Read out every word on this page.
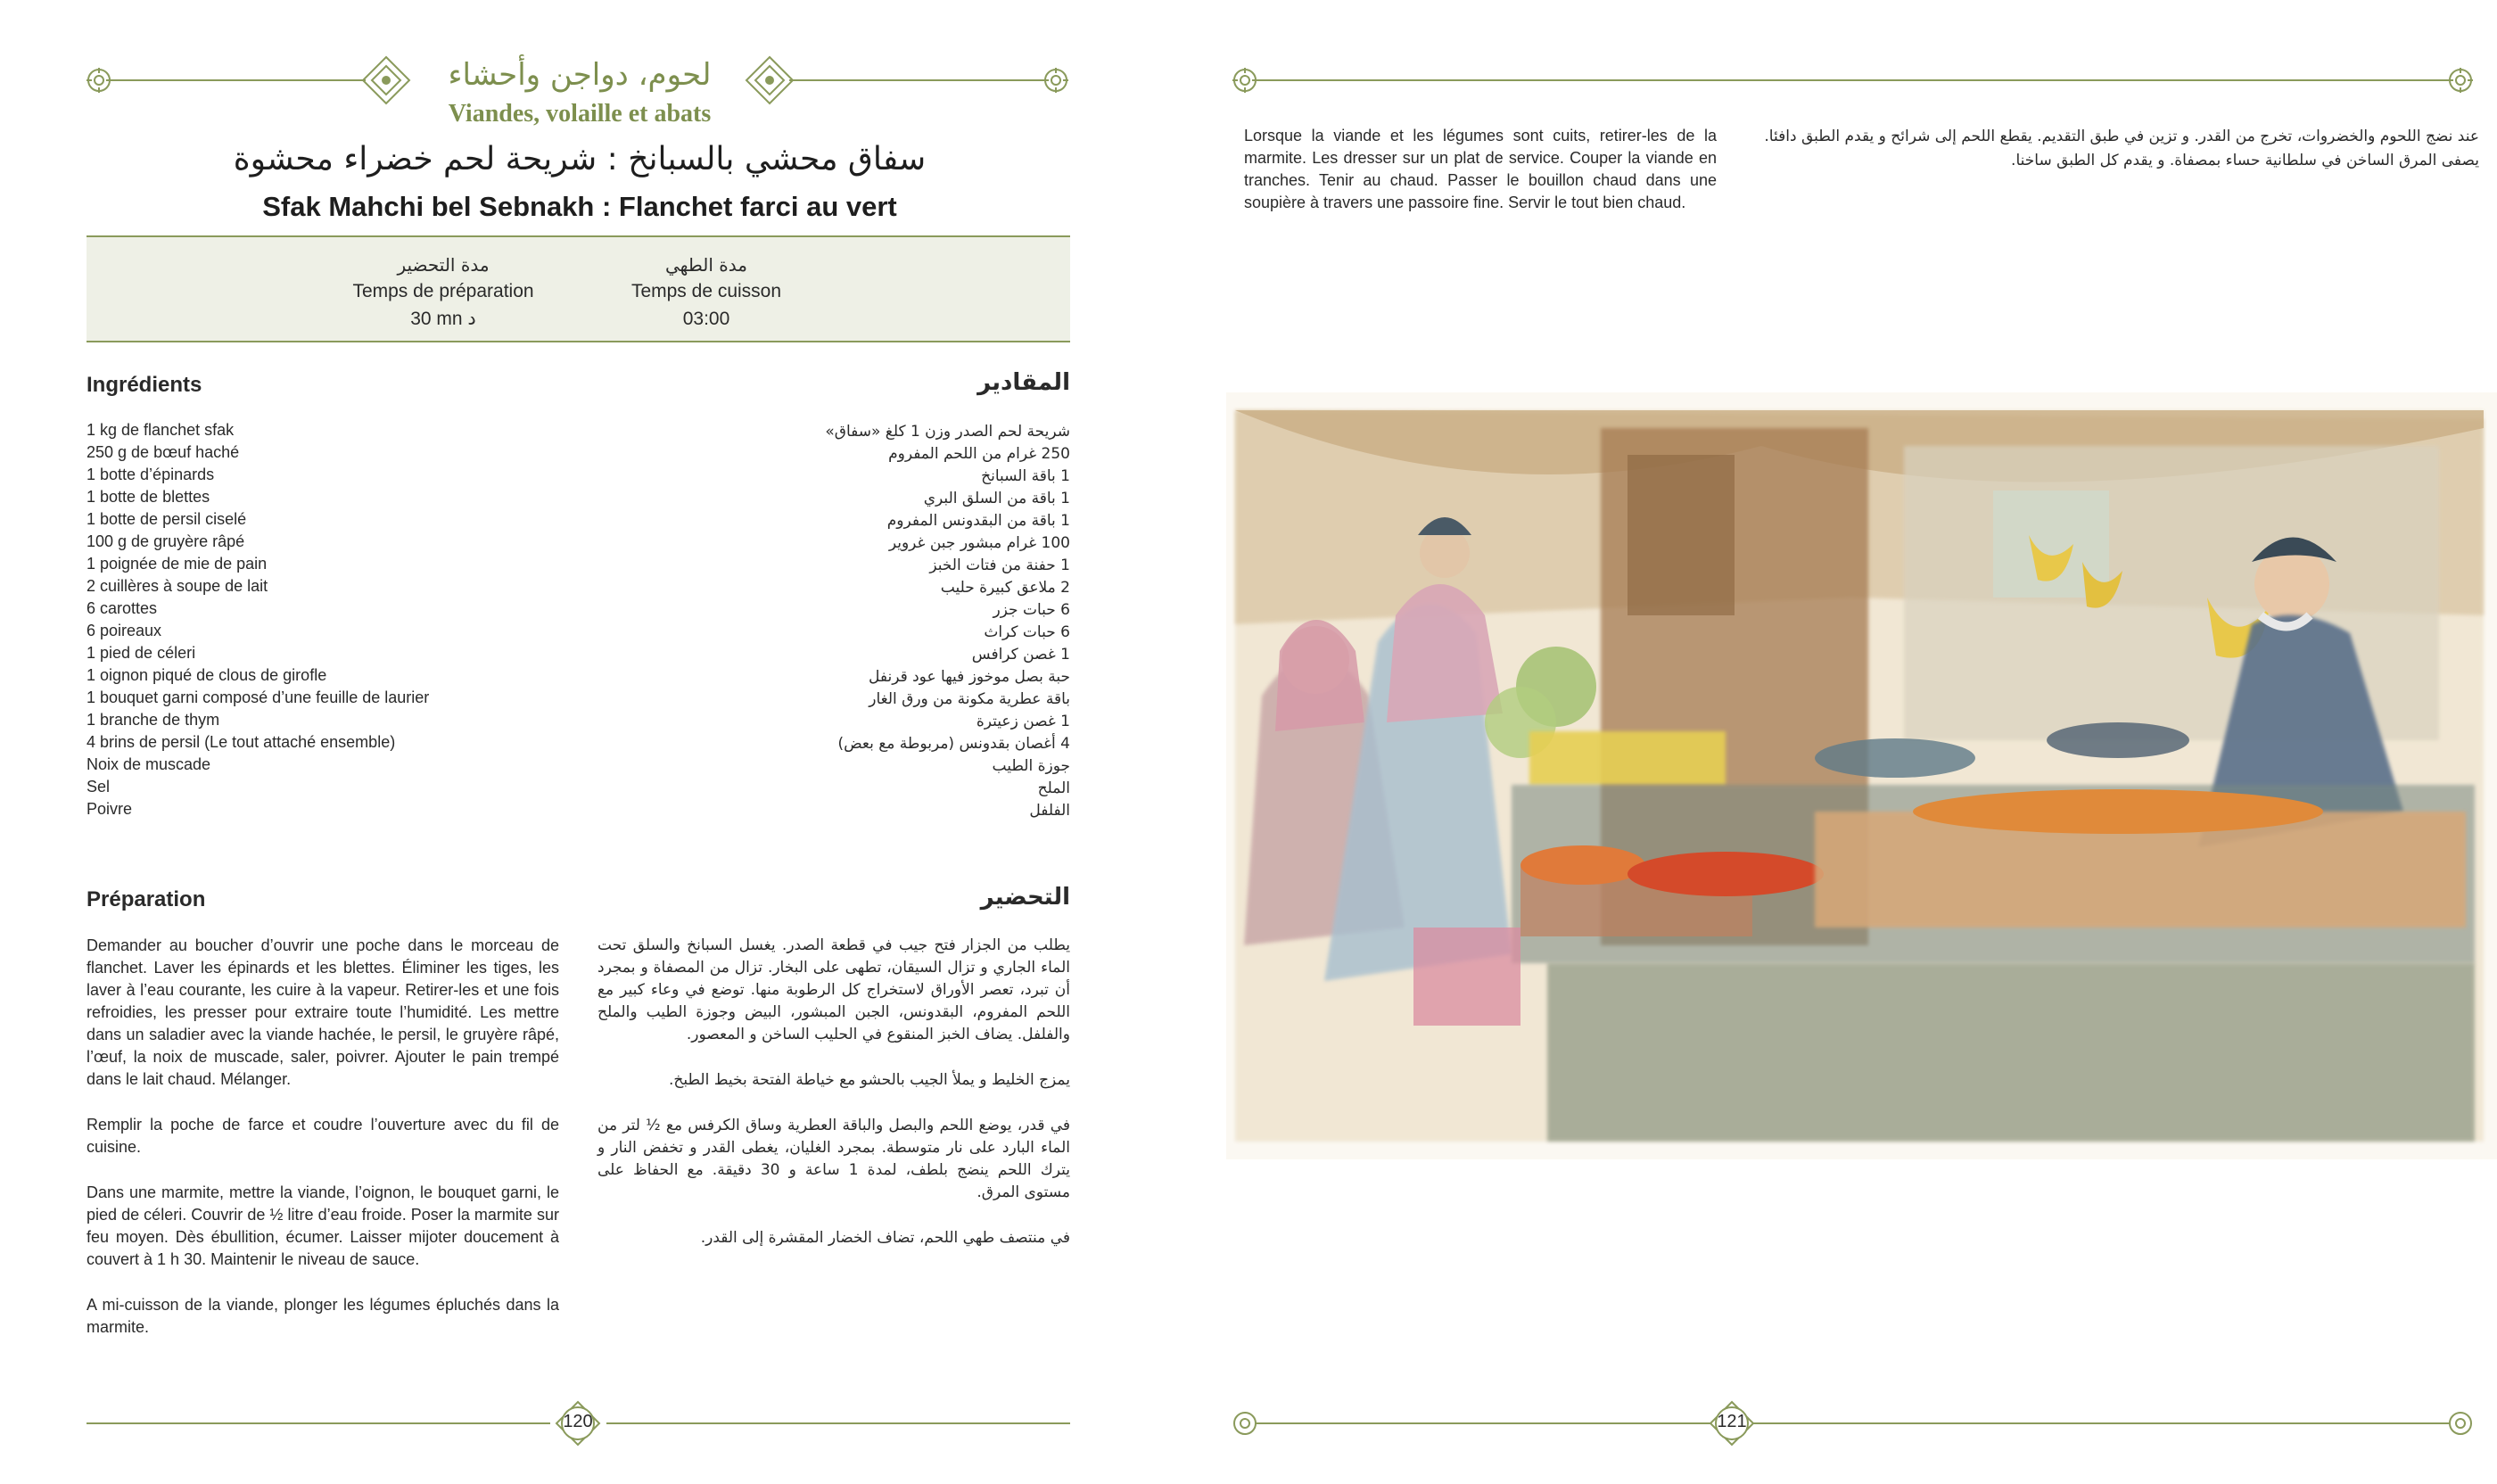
لحوم، دواجن وأحشاء
Viandes, volaille et abats
سفاق محشي بالسبانخ : شريحة لحم خضراء محشوة
Sfak Mahchi bel Sebnakh : Flanchet farci au vert
مدة التحضير
Temps de préparation
30 mn د
مدة الطهي
Temps de cuisson
03:00
Ingrédients	المقادير
1 kg de flanchet sfak
250 g de bœuf haché
1 botte d’épinards
1 botte de blettes
1 botte de persil ciselé
100 g de gruyère râpé
1 poignée de mie de pain
2 cuillères à soupe de lait
6 carottes
6 poireaux
1 pied de céleri
1 oignon piqué de clous de girofle
1 bouquet garni composé d’une feuille de laurier
1 branche de thym
4 brins de persil (Le tout attaché ensemble)
Noix de muscade
Sel
Poivre
شريحة لحم الصدر وزن 1 كلغ «سفاق»
250 غرام من اللحم المفروم
1 باقة السبانخ
1 باقة من السلق البري
1 باقة من البقدونس المفروم
100 غرام مبشور جبن غروير
1 حفنة من فتات الخبز
2 ملاعق كبيرة حليب
6 حبات جزر
6 حبات كراث
1 غصن كرافس
حبة بصل موخوز فيها عود قرنفل
باقة عطرية مكونة من ورق الغار
1 غصن زعيترة
4 أغصان بقدونس (مربوطة مع بعض)
جوزة الطيب
الملح
الفلفل
Préparation	التحضير

Demander au boucher d’ouvrir une poche dans le morceau de flanchet. Laver les épinards et les blettes. Éliminer les tiges, les laver à l’eau courante, les cuire à la vapeur. Retirer-les et une fois refroidies, les presser pour extraire toute l’humidité. Les mettre dans un saladier avec la viande hachée, le persil, le gruyère râpé, l’œuf, la noix de muscade, saler, poivrer. Ajouter le pain trempé dans le lait chaud. Mélanger.

Remplir la poche de farce et coudre l’ouverture avec du fil de cuisine.

Dans une marmite, mettre la viande, l’oignon, le bouquet garni, le pied de céleri. Couvrir de ½ litre d’eau froide. Poser la marmite sur feu moyen. Dès ébullition, écumer. Laisser mijoter doucement à couvert à 1 h 30. Maintenir le niveau de sauce.

A mi-cuisson de la viande, plonger les légumes épluchés dans la marmite.

يطلب من الجزار فتح جيب في قطعة الصدر. يغسل السبانخ والسلق تحت الماء الجاري و تزال السيقان، تطهى على البخار. تزال من المصفاة و بمجرد أن تبرد، تعصر الأوراق لاستخراج كل الرطوبة منها. توضع في وعاء كبير مع اللحم المفروم، البقدونس، الجبن المبشور، البيض وجوزة الطيب والملح والفلفل. يضاف الخبز المنقوع في الحليب الساخن و المعصور.

يمزج الخليط و يملأ الجيب بالحشو مع خياطة الفتحة بخيط الطبخ.

في قدر، يوضع اللحم والبصل والباقة العطرية وساق الكرفس مع ½ لتر من الماء البارد على نار متوسطة. بمجرد الغليان، يغطى القدر و تخفض النار و يترك اللحم ينضج بلطف، لمدة 1 ساعة و 30 دقيقة. مع الحفاظ على مستوى المرق.

في منتصف طهي اللحم، تضاف الخضار المقشرة إلى القدر.

120
Lorsque la viande et les légumes sont cuits, retirer-les de la marmite. Les dresser sur un plat de service. Couper la viande en tranches. Tenir au chaud. Passer le bouillon chaud dans une soupière à travers une passoire fine. Servir le tout bien chaud.
عند نضج اللحوم والخضروات، تخرج من القدر. و تزين في طبق التقديم. يقطع اللحم إلى شرائح و يقدم الطبق دافئا. يصفى المرق الساخن في سلطانية حساء بمصفاة. و يقدم كل الطبق ساخنا.
121
